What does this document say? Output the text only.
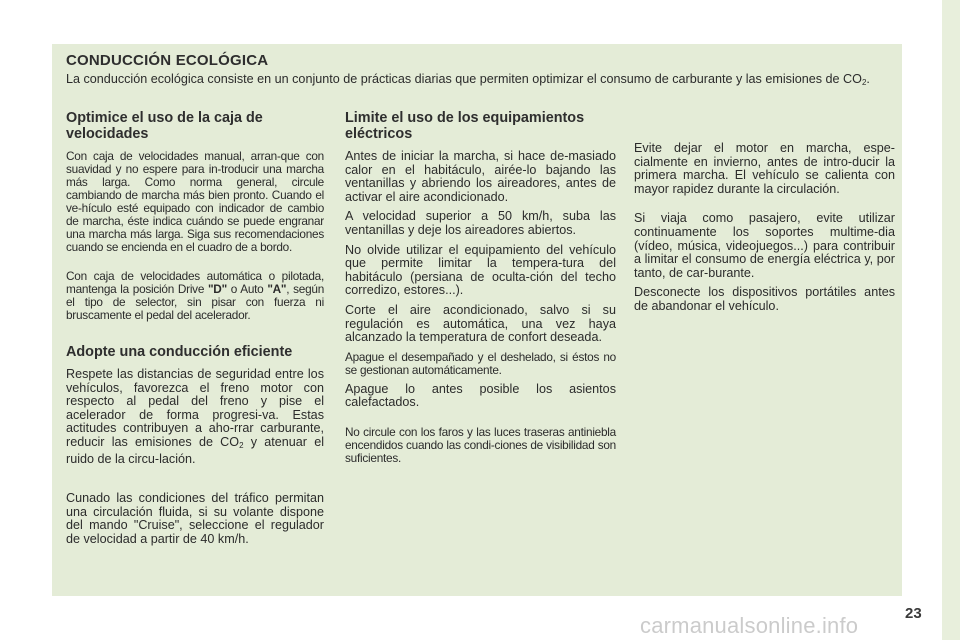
CONDUCCIÓN ECOLÓGICA

La conducción ecológica consiste en un conjunto de prácticas diarias que permiten optimizar el consumo de carburante y las emisiones de $CO_2$.

Optimice el uso de la caja de velocidades

Con caja de velocidades manual, arran-que con suavidad y no espere para in-troducir una marcha más larga. Como norma general, circule cambiando de marcha más bien pronto. Cuando el ve-hículo esté equipado con indicador de cambio de marcha, éste indica cuándo se puede engranar una marcha más larga. Siga sus recomendaciones cuando se encienda en el cuadro de a bordo.

Con caja de velocidades automática o pilotada, mantenga la posición Drive "D" o Auto "A", según el tipo de selector, sin pisar con fuerza ni bruscamente el pedal del acelerador.

Adopte una conducción eficiente

Respete las distancias de seguridad entre los vehículos, favorezca el freno motor con respecto al pedal del freno y pise el acelerador de forma progresi-va. Estas actitudes contribuyen a aho-rrar carburante, reducir las emisiones de $CO_2$ y atenuar el ruido de la circu-lación.

Cunado las condiciones del tráfico permitan una circulación fluida, si su volante dispone del mando "Cruise", seleccione el regulador de velocidad a partir de 40 km/h.

Limite el uso de los equipamientos eléctricos

Antes de iniciar la marcha, si hace de-masiado calor en el habitáculo, airée-lo bajando las ventanillas y abriendo los aireadores, antes de activar el aire acondicionado.

A velocidad superior a 50 km/h, suba las ventanillas y deje los aireadores abiertos.

No olvide utilizar el equipamiento del vehículo que permite limitar la tempera-tura del habitáculo (persiana de oculta-ción del techo corredizo, estores...).

Corte el aire acondicionado, salvo si su regulación es automática, una vez haya alcanzado la temperatura de confort deseada.

Apague el desempañado y el deshelado, si éstos no se gestionan automáticamente.

Apague lo antes posible los asientos calefactados.

No circule con los faros y las luces traseras antiniebla encendidos cuando las condi-ciones de visibilidad son suficientes.

Evite dejar el motor en marcha, espe-cialmente en invierno, antes de intro-ducir la primera marcha. El vehículo se calienta con mayor rapidez durante la circulación.

Si viaja como pasajero, evite utilizar continuamente los soportes multime-dia (vídeo, música, videojuegos...) para contribuir a limitar el consumo de energía eléctrica y, por tanto, de car-burante.

Desconecte los dispositivos portátiles antes de abandonar el vehículo.

23
carmanualsonline.info
